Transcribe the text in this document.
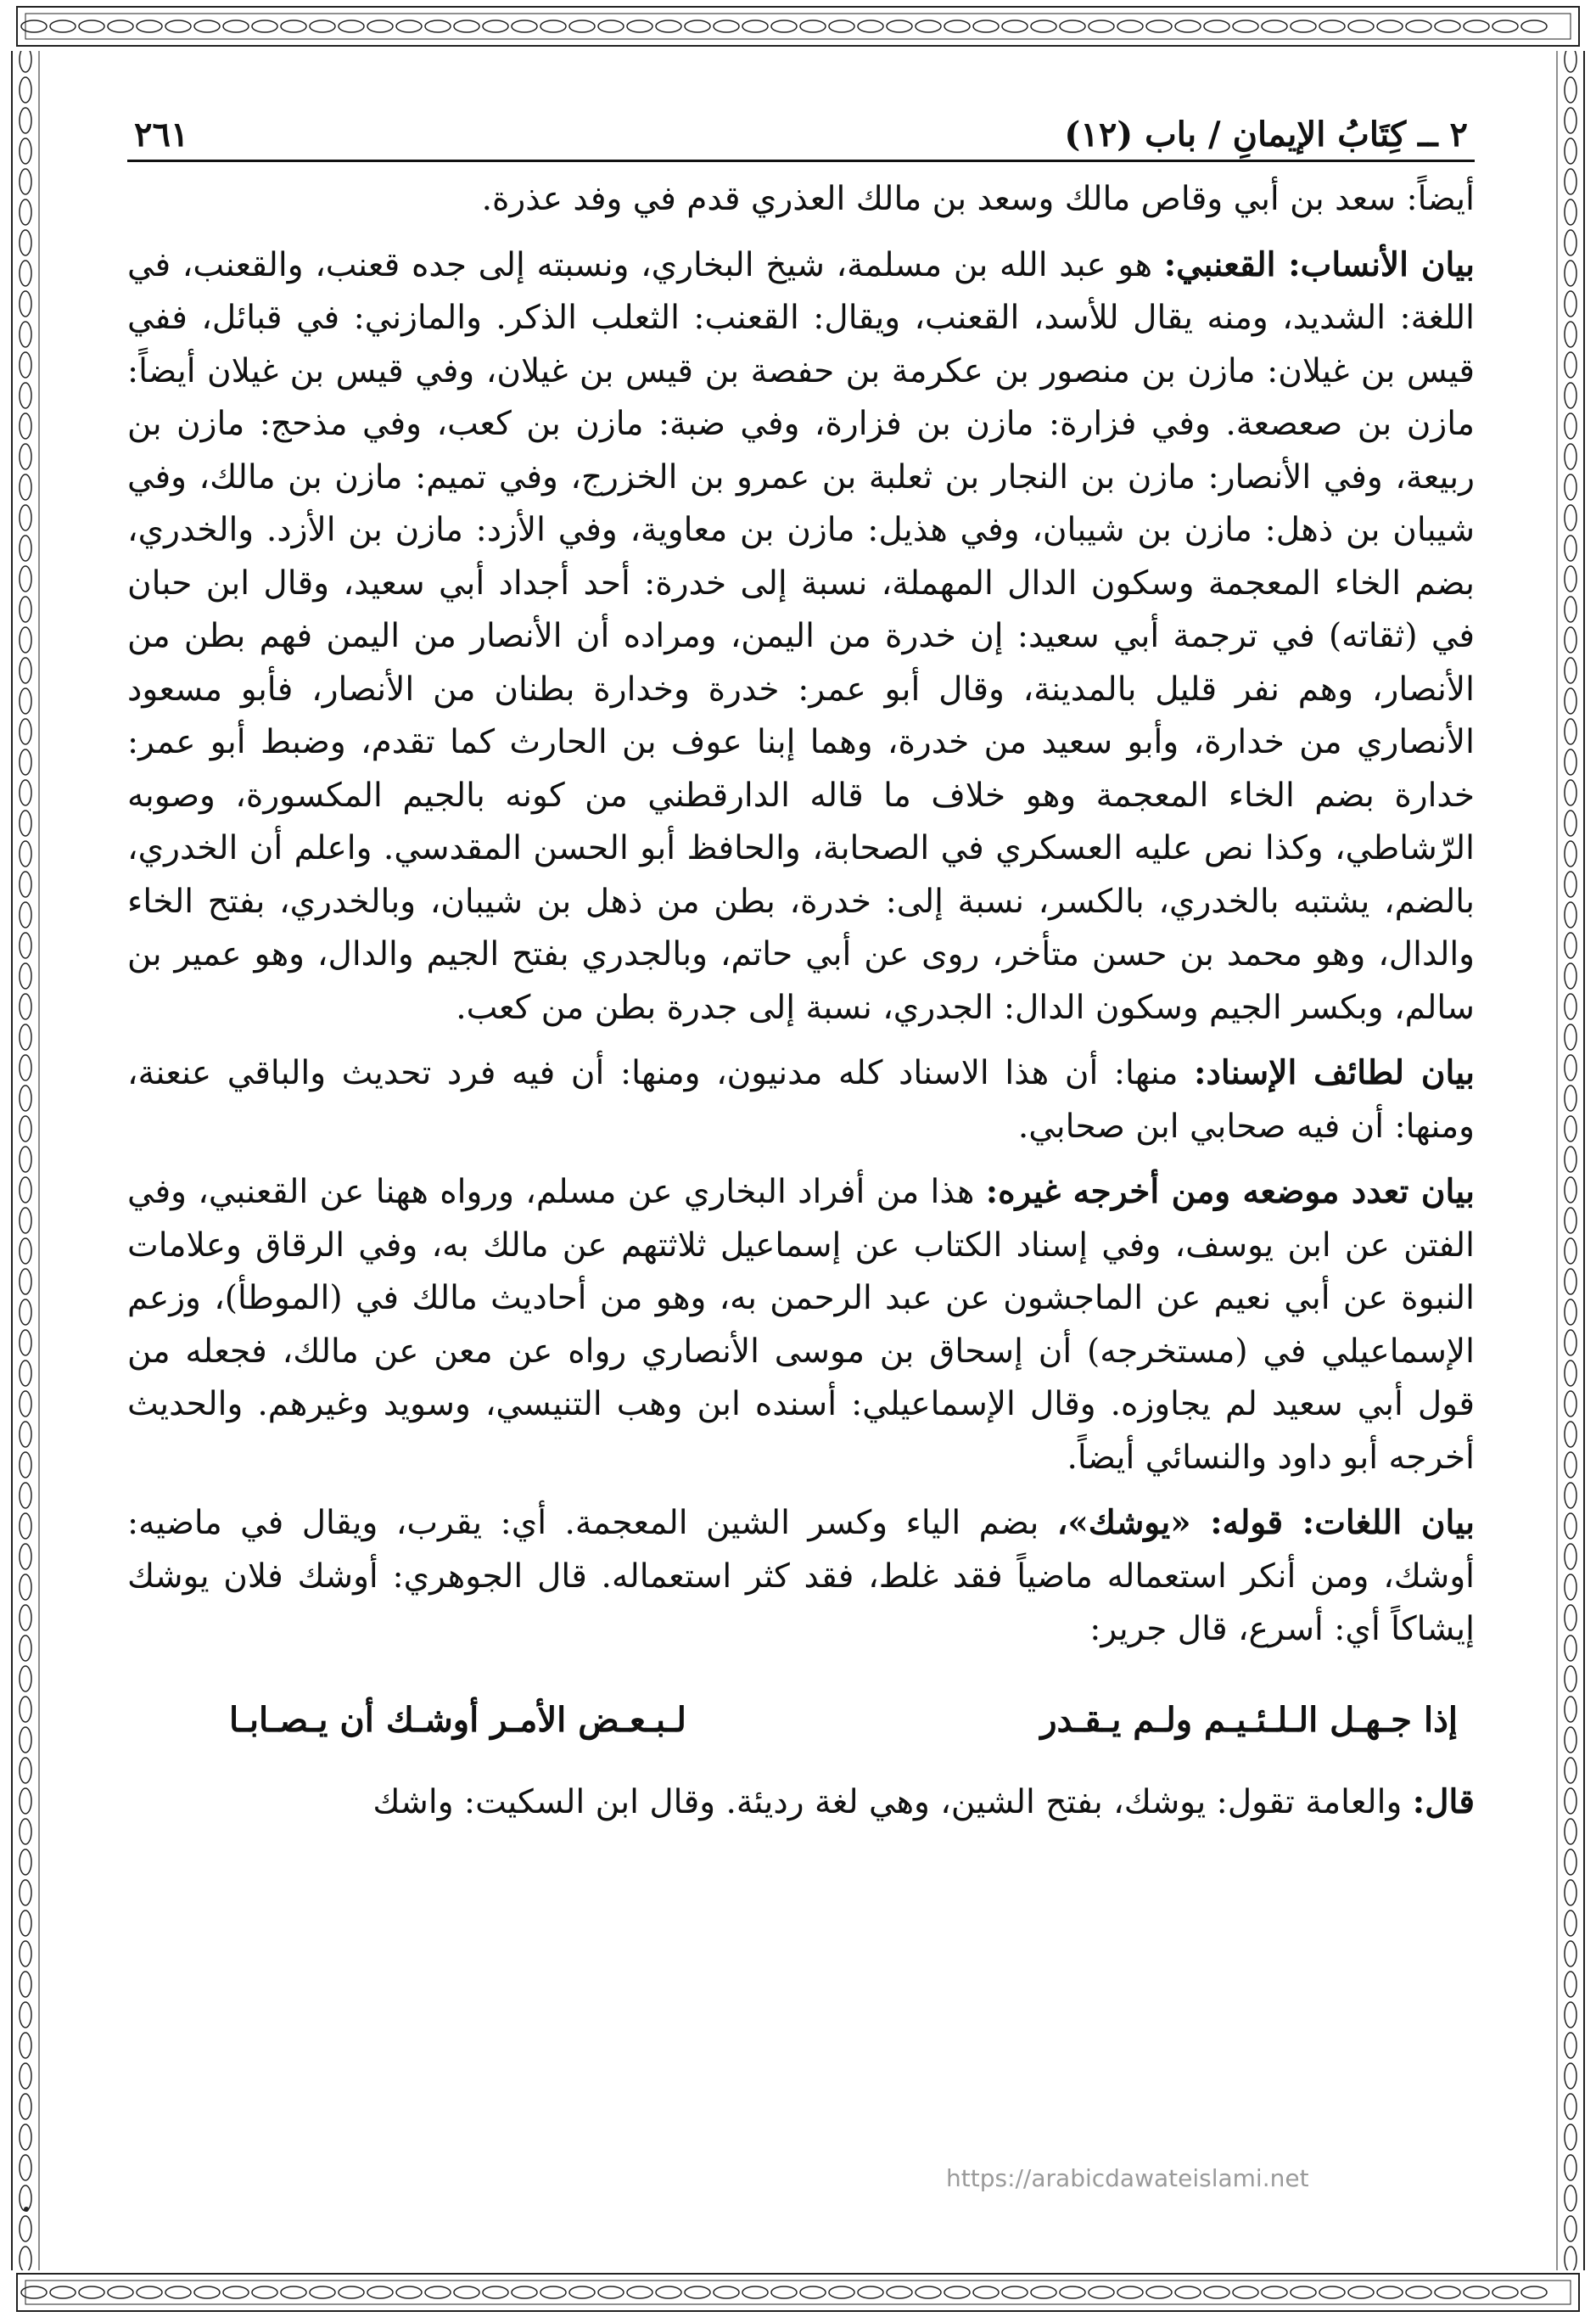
٢ ــ كِتَابُ الإيمانِ / باب (١٢)
٢٦١

أيضاً: سعد بن أبي وقاص مالك وسعد بن مالك العذري قدم في وفد عذرة.

بيان الأنساب: القعنبي: هو عبد الله بن مسلمة، شيخ البخاري، ونسبته إلى جده قعنب، والقعنب، في اللغة: الشديد، ومنه يقال للأسد، القعنب، ويقال: القعنب: الثعلب الذكر. والمازني: في قبائل، ففي قيس بن غيلان: مازن بن منصور بن عكرمة بن حفصة بن قيس بن غيلان، وفي قيس بن غيلان أيضاً: مازن بن صعصعة. وفي فزارة: مازن بن فزارة، وفي ضبة: مازن بن كعب، وفي مذحج: مازن بن ربيعة، وفي الأنصار: مازن بن النجار بن ثعلبة بن عمرو بن الخزرج، وفي تميم: مازن بن مالك، وفي شيبان بن ذهل: مازن بن شيبان، وفي هذيل: مازن بن معاوية، وفي الأزد: مازن بن الأزد. والخدري، بضم الخاء المعجمة وسكون الدال المهملة، نسبة إلى خدرة: أحد أجداد أبي سعيد، وقال ابن حبان في (ثقاته) في ترجمة أبي سعيد: إن خدرة من اليمن، ومراده أن الأنصار من اليمن فهم بطن من الأنصار، وهم نفر قليل بالمدينة، وقال أبو عمر: خدرة وخدارة بطنان من الأنصار، فأبو مسعود الأنصاري من خدارة، وأبو سعيد من خدرة، وهما إبنا عوف بن الحارث كما تقدم، وضبط أبو عمر: خدارة بضم الخاء المعجمة وهو خلاف ما قاله الدارقطني من كونه بالجيم المكسورة، وصوبه الرّشاطي، وكذا نص عليه العسكري في الصحابة، والحافظ أبو الحسن المقدسي. واعلم أن الخدري، بالضم، يشتبه بالخدري، بالكسر، نسبة إلى: خدرة، بطن من ذهل بن شيبان، وبالخدري، بفتح الخاء والدال، وهو محمد بن حسن متأخر، روى عن أبي حاتم، وبالجدري بفتح الجيم والدال، وهو عمير بن سالم، وبكسر الجيم وسكون الدال: الجدري، نسبة إلى جدرة بطن من كعب.

بيان لطائف الإسناد: منها: أن هذا الاسناد كله مدنيون، ومنها: أن فيه فرد تحديث والباقي عنعنة، ومنها: أن فيه صحابي ابن صحابي.

بيان تعدد موضعه ومن أخرجه غيره: هذا من أفراد البخاري عن مسلم، ورواه ههنا عن القعنبي، وفي الفتن عن ابن يوسف، وفي إسناد الكتاب عن إسماعيل ثلاثتهم عن مالك به، وفي الرقاق وعلامات النبوة عن أبي نعيم عن الماجشون عن عبد الرحمن به، وهو من أحاديث مالك في (الموطأ)، وزعم الإسماعيلي في (مستخرجه) أن إسحاق بن موسى الأنصاري رواه عن معن عن مالك، فجعله من قول أبي سعيد لم يجاوزه. وقال الإسماعيلي: أسنده ابن وهب التنيسي، وسويد وغيرهم. والحديث أخرجه أبو داود والنسائي أيضاً.

بيان اللغات: قوله: «يوشك»، بضم الياء وكسر الشين المعجمة. أي: يقرب، ويقال في ماضيه: أوشك، ومن أنكر استعماله ماضياً فقد غلط، فقد كثر استعماله. قال الجوهري: أوشك فلان يوشك إيشاكاً أي: أسرع، قال جرير:

إذا جـهـل الـلـئـيـم ولـم يـقـدر
لـبـعـض الأمـر أوشـك أن يـصـابـا

قال: والعامة تقول: يوشك، بفتح الشين، وهي لغة رديئة. وقال ابن السكيت: واشك

https://arabicdawateislami.net
